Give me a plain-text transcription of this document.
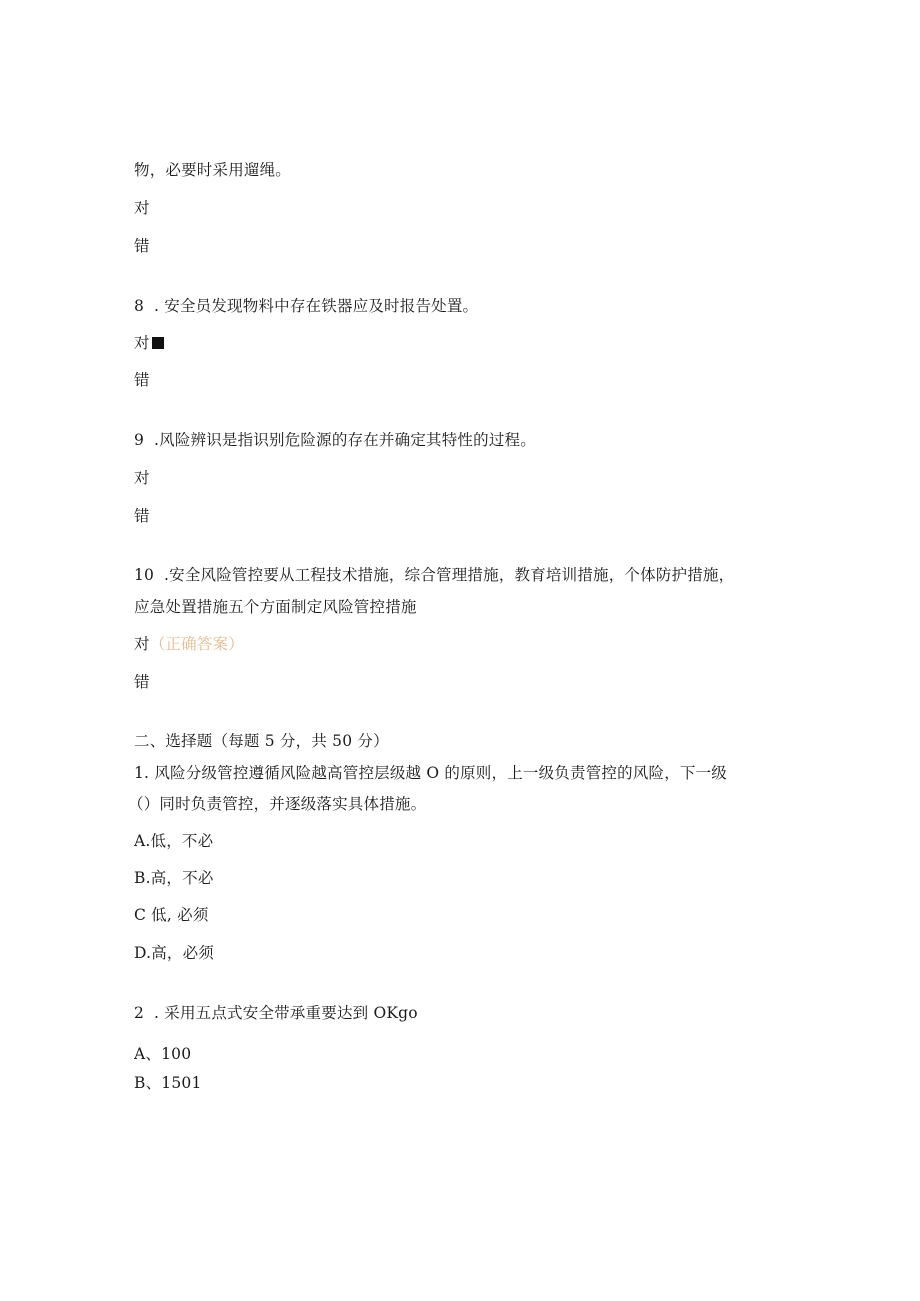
物，必要时采用遛绳。
对
错
8 . 安全员发现物料中存在铁器应及时报告处置。
对
错
9 .风险辨识是指识别危险源的存在并确定其特性的过程。
对
错
10 .安全风险管控要从工程技术措施，综合管理措施，教育培训措施，个体防护措施，
应急处置措施五个方面制定风险管控措施
对（正确答案）
错
二、选择题（每题 5 分，共 50 分）
1. 风险分级管控遵循风险越高管控层级越 O 的原则，上一级负责管控的风险，下一级
（）同时负责管控，并逐级落实具体措施。
A.低，不必
B.高，不必
C 低, 必须
D.高，必须
2 . 采用五点式安全带承重要达到 OKgo
A、100
B、1501
